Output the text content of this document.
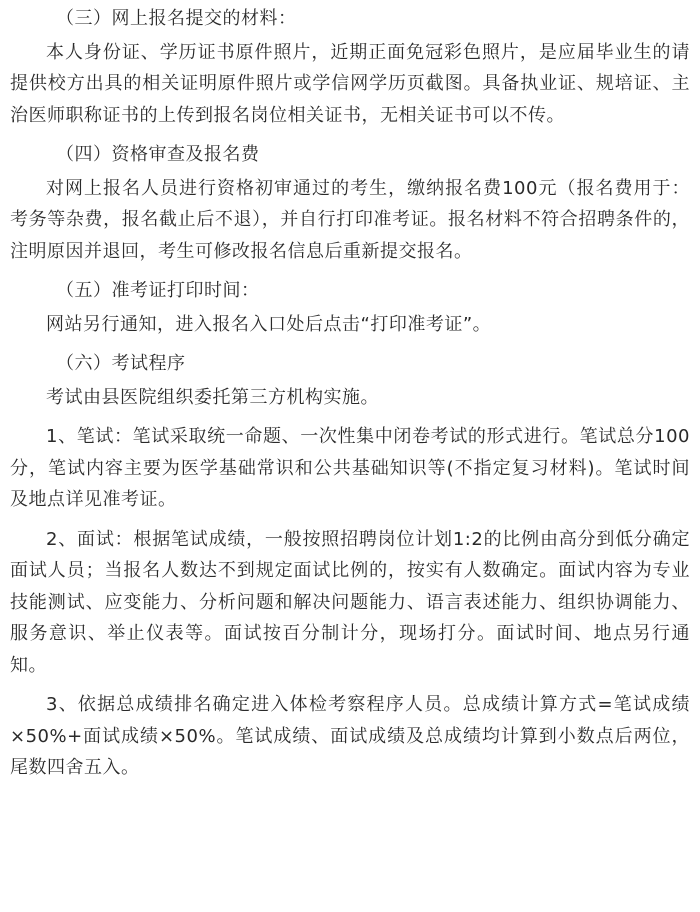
（三）网上报名提交的材料：

本人身份证、学历证书原件照片，近期正面免冠彩色照片，是应届毕业生的请提供校方出具的相关证明原件照片或学信网学历页截图。具备执业证、规培证、主治医师职称证书的上传到报名岗位相关证书，无相关证书可以不传。

（四）资格审查及报名费

对网上报名人员进行资格初审通过的考生，缴纳报名费100元（报名费用于：考务等杂费，报名截止后不退），并自行打印准考证。报名材料不符合招聘条件的，注明原因并退回，考生可修改报名信息后重新提交报名。

（五）准考证打印时间：

网站另行通知，进入报名入口处后点击“打印准考证”。

（六）考试程序

考试由县医院组织委托第三方机构实施。

1、笔试：笔试采取统一命题、一次性集中闭卷考试的形式进行。笔试总分100分，笔试内容主要为医学基础常识和公共基础知识等(不指定复习材料)。笔试时间及地点详见准考证。

2、面试：根据笔试成绩，一般按照招聘岗位计划1:2的比例由高分到低分确定面试人员；当报名人数达不到规定面试比例的，按实有人数确定。面试内容为专业技能测试、应变能力、分析问题和解决问题能力、语言表述能力、组织协调能力、服务意识、举止仪表等。面试按百分制计分，现场打分。面试时间、地点另行通知。

3、依据总成绩排名确定进入体检考察程序人员。总成绩计算方式=笔试成绩×50%+面试成绩×50%。笔试成绩、面试成绩及总成绩均计算到小数点后两位，尾数四舍五入。
